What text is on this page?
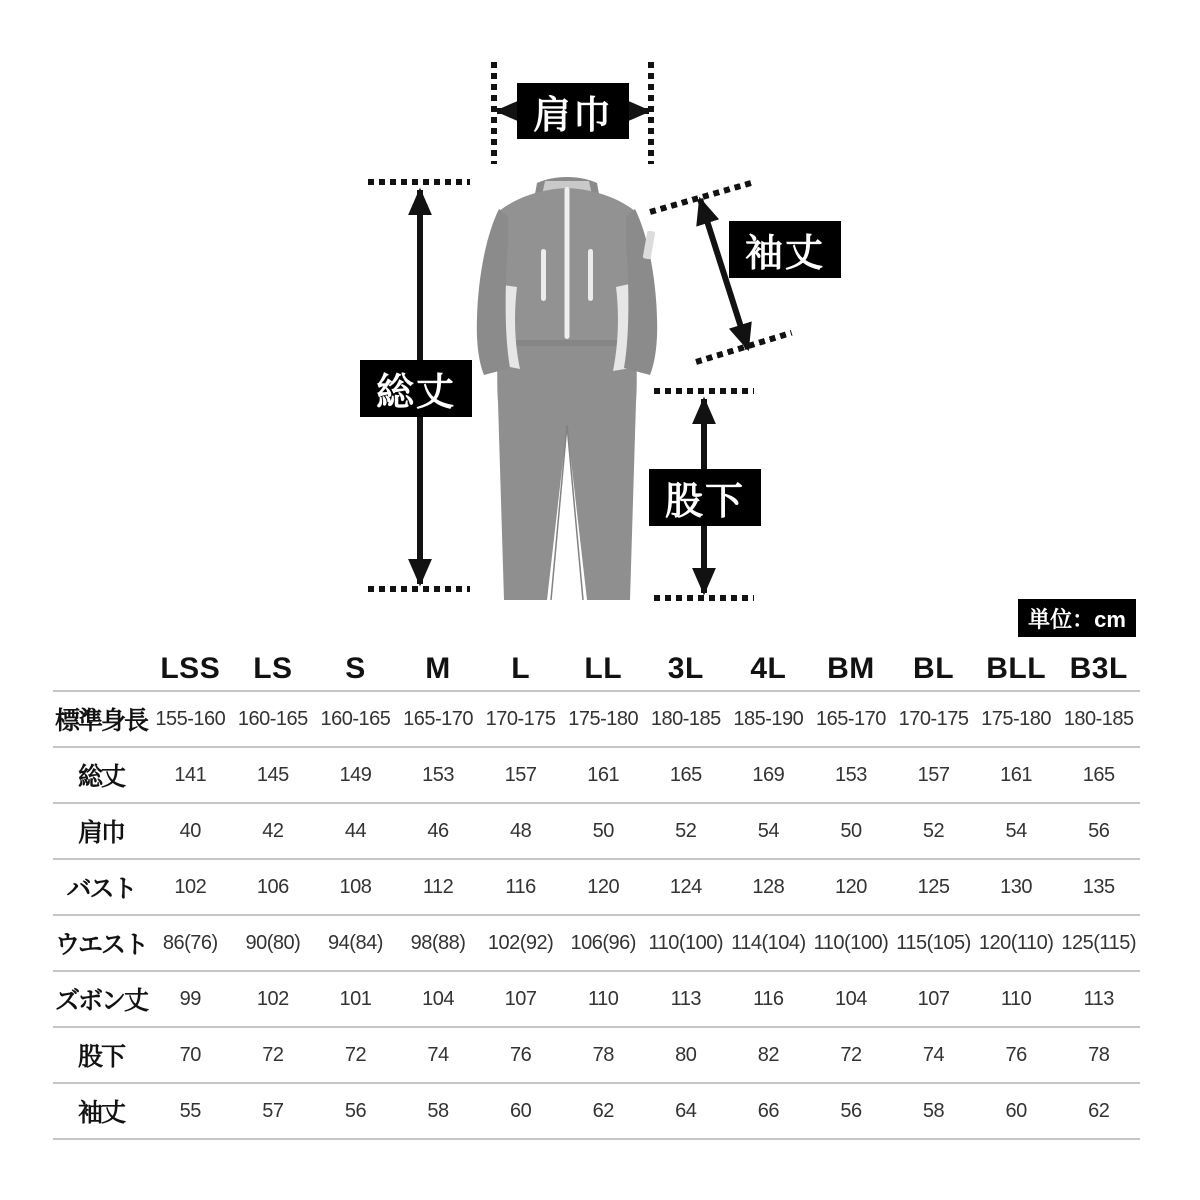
肩巾
総丈
袖丈
股下
単位：cm
LSS	LS	S	M	L	LL	3L	4L	BM	BL	BLL B3L
標準身長 155-160 160-165 160-165 165-170 170-175 175-180 180-185 185-190 165-170 170-175 175-180 180-185
総丈	141	145	149	153	157	161	165	169	153	157	161	165
肩巾	40	42	44	46	48	50	52	54	50	52	54	56
バスト	102	106	108	112	116	120	124	128	120	125	130	135
ウエスト 86(76)	90(80)	94(84)	98(88)	102(92) 106(96) 110(100) 114(104) 110(100) 115(105) 120(110) 125(115)
ズボン丈	99	102	101	104	107	110	113	116	104	107	110	113
股下	70	72	72	74	76	78	80	82	72	74	76	78
袖丈	55	57	56	58	60	62	64	66	56	58	60	62
